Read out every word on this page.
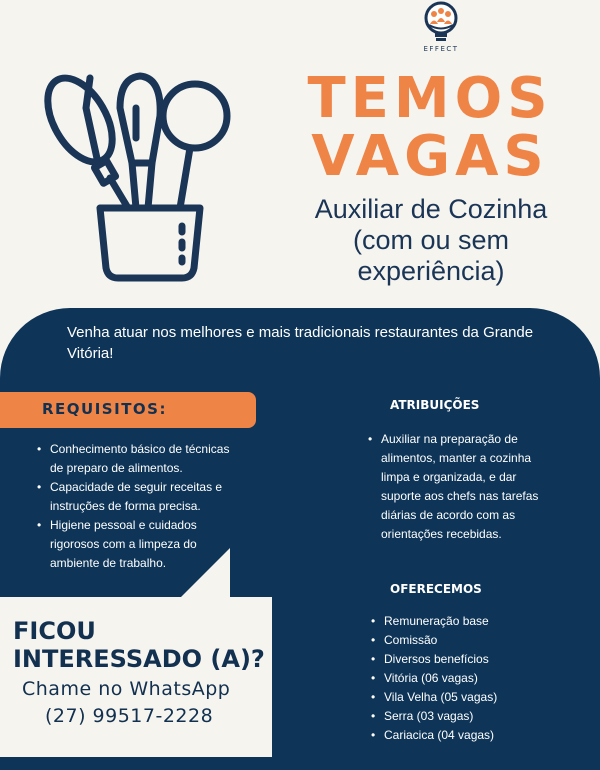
EFFECT
TEMOS
VAGAS
Auxiliar de Cozinha
(com ou sem
experiência)
Venha atuar nos melhores e mais tradicionais restaurantes da Grande Vitória!
REQUISITOS:
• Conhecimento básico de técnicas de preparo de alimentos.
• Capacidade de seguir receitas e instruções de forma precisa.
• Higiene pessoal e cuidados rigorosos com a limpeza do ambiente de trabalho.
ATRIBUIÇÕES
• Auxiliar na preparação de alimentos, manter a cozinha limpa e organizada, e dar suporte aos chefs nas tarefas diárias de acordo com as orientações recebidas.
OFERECEMOS
• Remuneração base
• Comissão
• Diversos benefícios
• Vitória (06 vagas)
• Vila Velha (05 vagas)
• Serra (03 vagas)
• Cariacica (04 vagas)
FICOU
INTERESSADO (A)?
Chame no WhatsApp
(27) 99517-2228
